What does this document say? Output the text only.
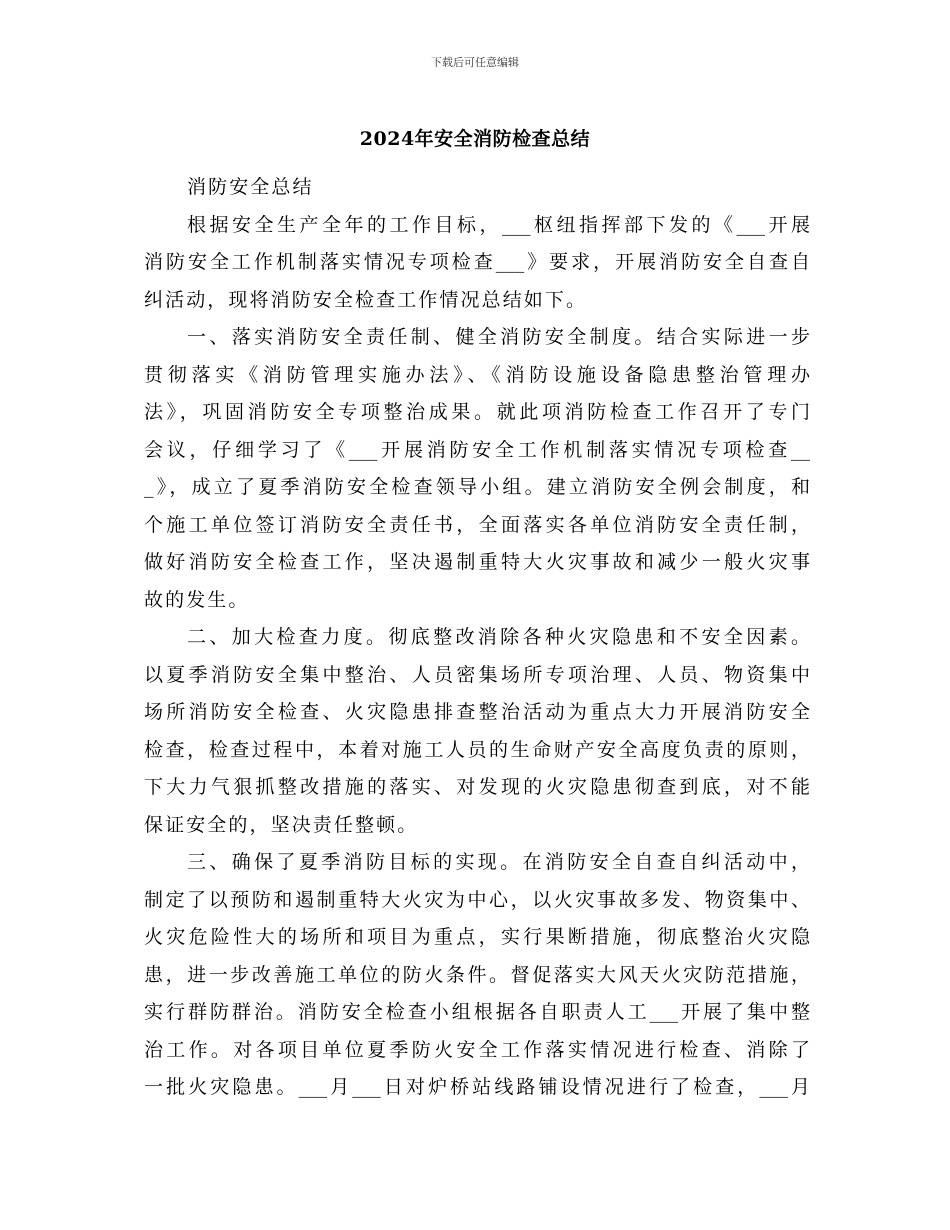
下载后可任意编辑
2024年安全消防检查总结
消防安全总结
根据安全生产全年的工作目标，___枢纽指挥部下发的《___开展
消防安全工作机制落实情况专项检查___》要求，开展消防安全自查自
纠活动，现将消防安全检查工作情况总结如下。
一、落实消防安全责任制、健全消防安全制度。结合实际进一步
贯彻落实《消防管理实施办法》、《消防设施设备隐患整治管理办
法》，巩固消防安全专项整治成果。就此项消防检查工作召开了专门
会议，仔细学习了《___开展消防安全工作机制落实情况专项检查__
_》，成立了夏季消防安全检查领导小组。建立消防安全例会制度，和
个施工单位签订消防安全责任书，全面落实各单位消防安全责任制，
做好消防安全检查工作，坚决遏制重特大火灾事故和减少一般火灾事
故的发生。
二、加大检查力度。彻底整改消除各种火灾隐患和不安全因素。
以夏季消防安全集中整治、人员密集场所专项治理、人员、物资集中
场所消防安全检查、火灾隐患排查整治活动为重点大力开展消防安全
检查，检查过程中，本着对施工人员的生命财产安全高度负责的原则，
下大力气狠抓整改措施的落实、对发现的火灾隐患彻查到底，对不能
保证安全的，坚决责任整顿。
三、确保了夏季消防目标的实现。在消防安全自查自纠活动中，
制定了以预防和遏制重特大火灾为中心，以火灾事故多发、物资集中、
火灾危险性大的场所和项目为重点，实行果断措施，彻底整治火灾隐
患，进一步改善施工单位的防火条件。督促落实大风天火灾防范措施，
实行群防群治。消防安全检查小组根据各自职责人工___开展了集中整
治工作。对各项目单位夏季防火安全工作落实情况进行检查、消除了
一批火灾隐患。___月___日对炉桥站线路铺设情况进行了检查，___月
